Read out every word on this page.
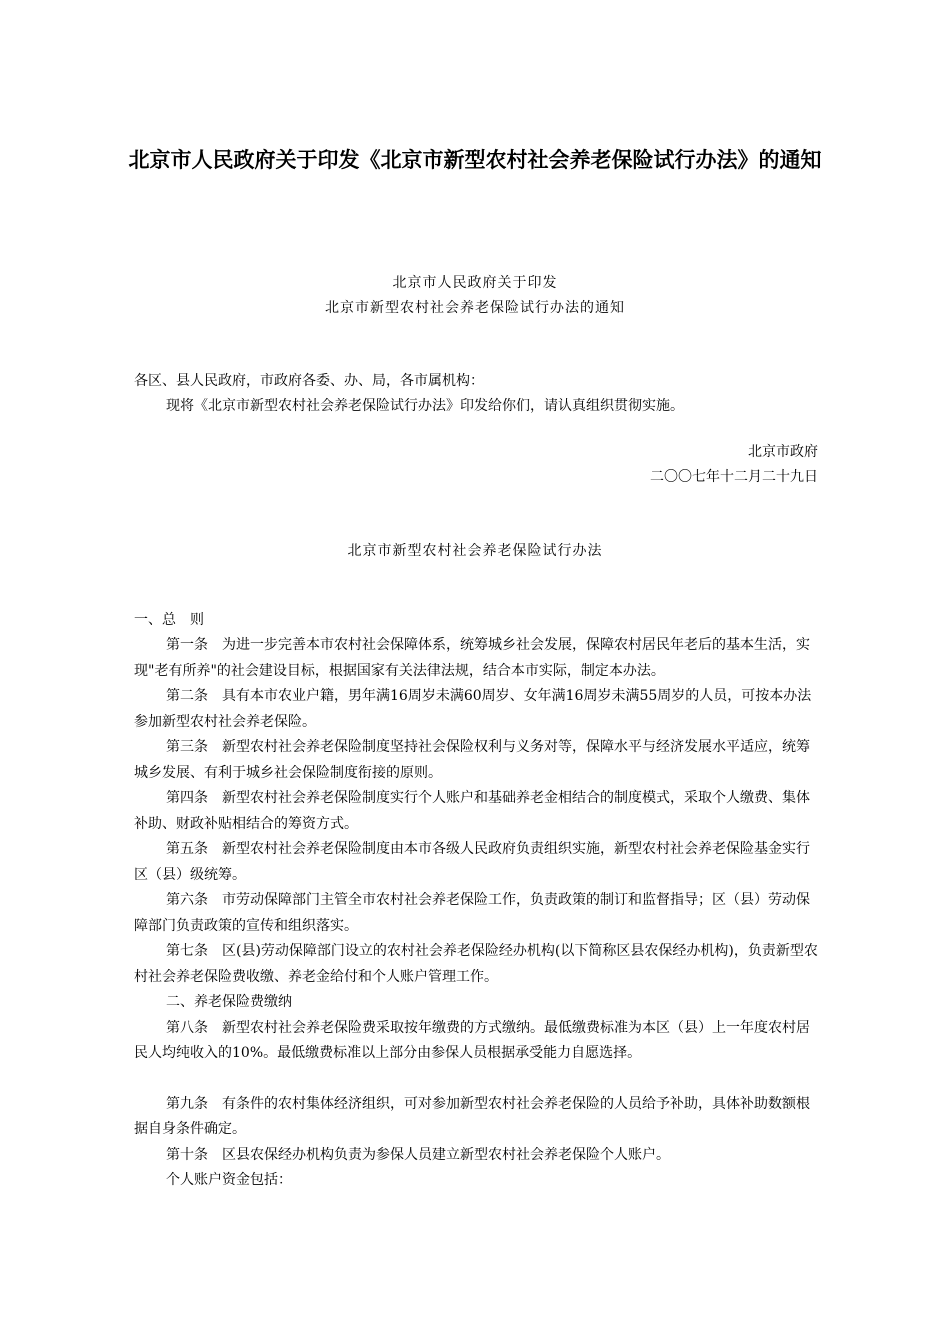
北京市人民政府关于印发《北京市新型农村社会养老保险试行办法》的通知
北京市人民政府关于印发
北京市新型农村社会养老保险试行办法的通知
各区、县人民政府，市政府各委、办、局，各市属机构：
现将《北京市新型农村社会养老保险试行办法》印发给你们，请认真组织贯彻实施。
北京市政府
二〇〇七年十二月二十九日
北京市新型农村社会养老保险试行办法
一、总　则

第一条　为进一步完善本市农村社会保障体系，统筹城乡社会发展，保障农村居民年老后的基本生活，实现"老有所养"的社会建设目标，根据国家有关法律法规，结合本市实际，制定本办法。

第二条　具有本市农业户籍，男年满16周岁未满60周岁、女年满16周岁未满55周岁的人员，可按本办法参加新型农村社会养老保险。

第三条　新型农村社会养老保险制度坚持社会保险权利与义务对等，保障水平与经济发展水平适应，统筹城乡发展、有利于城乡社会保险制度衔接的原则。

第四条　新型农村社会养老保险制度实行个人账户和基础养老金相结合的制度模式，采取个人缴费、集体补助、财政补贴相结合的筹资方式。

第五条　新型农村社会养老保险制度由本市各级人民政府负责组织实施，新型农村社会养老保险基金实行区（县）级统筹。

第六条　市劳动保障部门主管全市农村社会养老保险工作，负责政策的制订和监督指导；区（县）劳动保障部门负责政策的宣传和组织落实。

第七条　区(县)劳动保障部门设立的农村社会养老保险经办机构(以下简称区县农保经办机构)，负责新型农村社会养老保险费收缴、养老金给付和个人账户管理工作。

二、养老保险费缴纳

第八条　新型农村社会养老保险费采取按年缴费的方式缴纳。最低缴费标准为本区（县）上一年度农村居民人均纯收入的10%。最低缴费标准以上部分由参保人员根据承受能力自愿选择。

第九条　有条件的农村集体经济组织，可对参加新型农村社会养老保险的人员给予补助，具体补助数额根据自身条件确定。

第十条　区县农保经办机构负责为参保人员建立新型农村社会养老保险个人账户。

个人账户资金包括：
